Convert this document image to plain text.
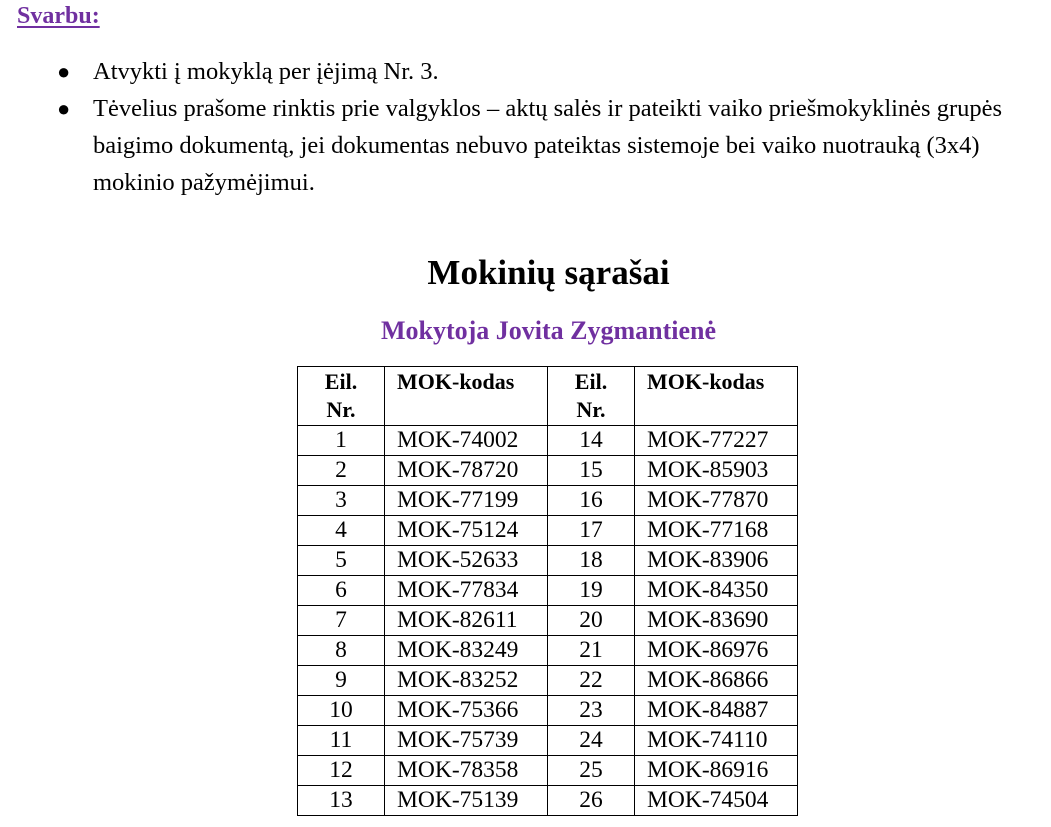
Svarbu:
● Atvykti į mokyklą per įėjimą Nr. 3.
● Tėvelius prašome rinktis prie valgyklos – aktų salės ir pateikti vaiko priešmokyklinės grupės baigimo dokumentą, jei dokumentas nebuvo pateiktas sistemoje bei vaiko nuotrauką (3x4) mokinio pažymėjimui.
Mokinių sąrašai
Mokytoja Jovita Zygmantienė
Eil. Nr.	MOK-kodas	Eil. Nr.	MOK-kodas
1	MOK-74002	14	MOK-77227
2	MOK-78720	15	MOK-85903
3	MOK-77199	16	MOK-77870
4	MOK-75124	17	MOK-77168
5	MOK-52633	18	MOK-83906
6	MOK-77834	19	MOK-84350
7	MOK-82611	20	MOK-83690
8	MOK-83249	21	MOK-86976
9	MOK-83252	22	MOK-86866
10	MOK-75366	23	MOK-84887
11	MOK-75739	24	MOK-74110
12	MOK-78358	25	MOK-86916
13	MOK-75139	26	MOK-74504
